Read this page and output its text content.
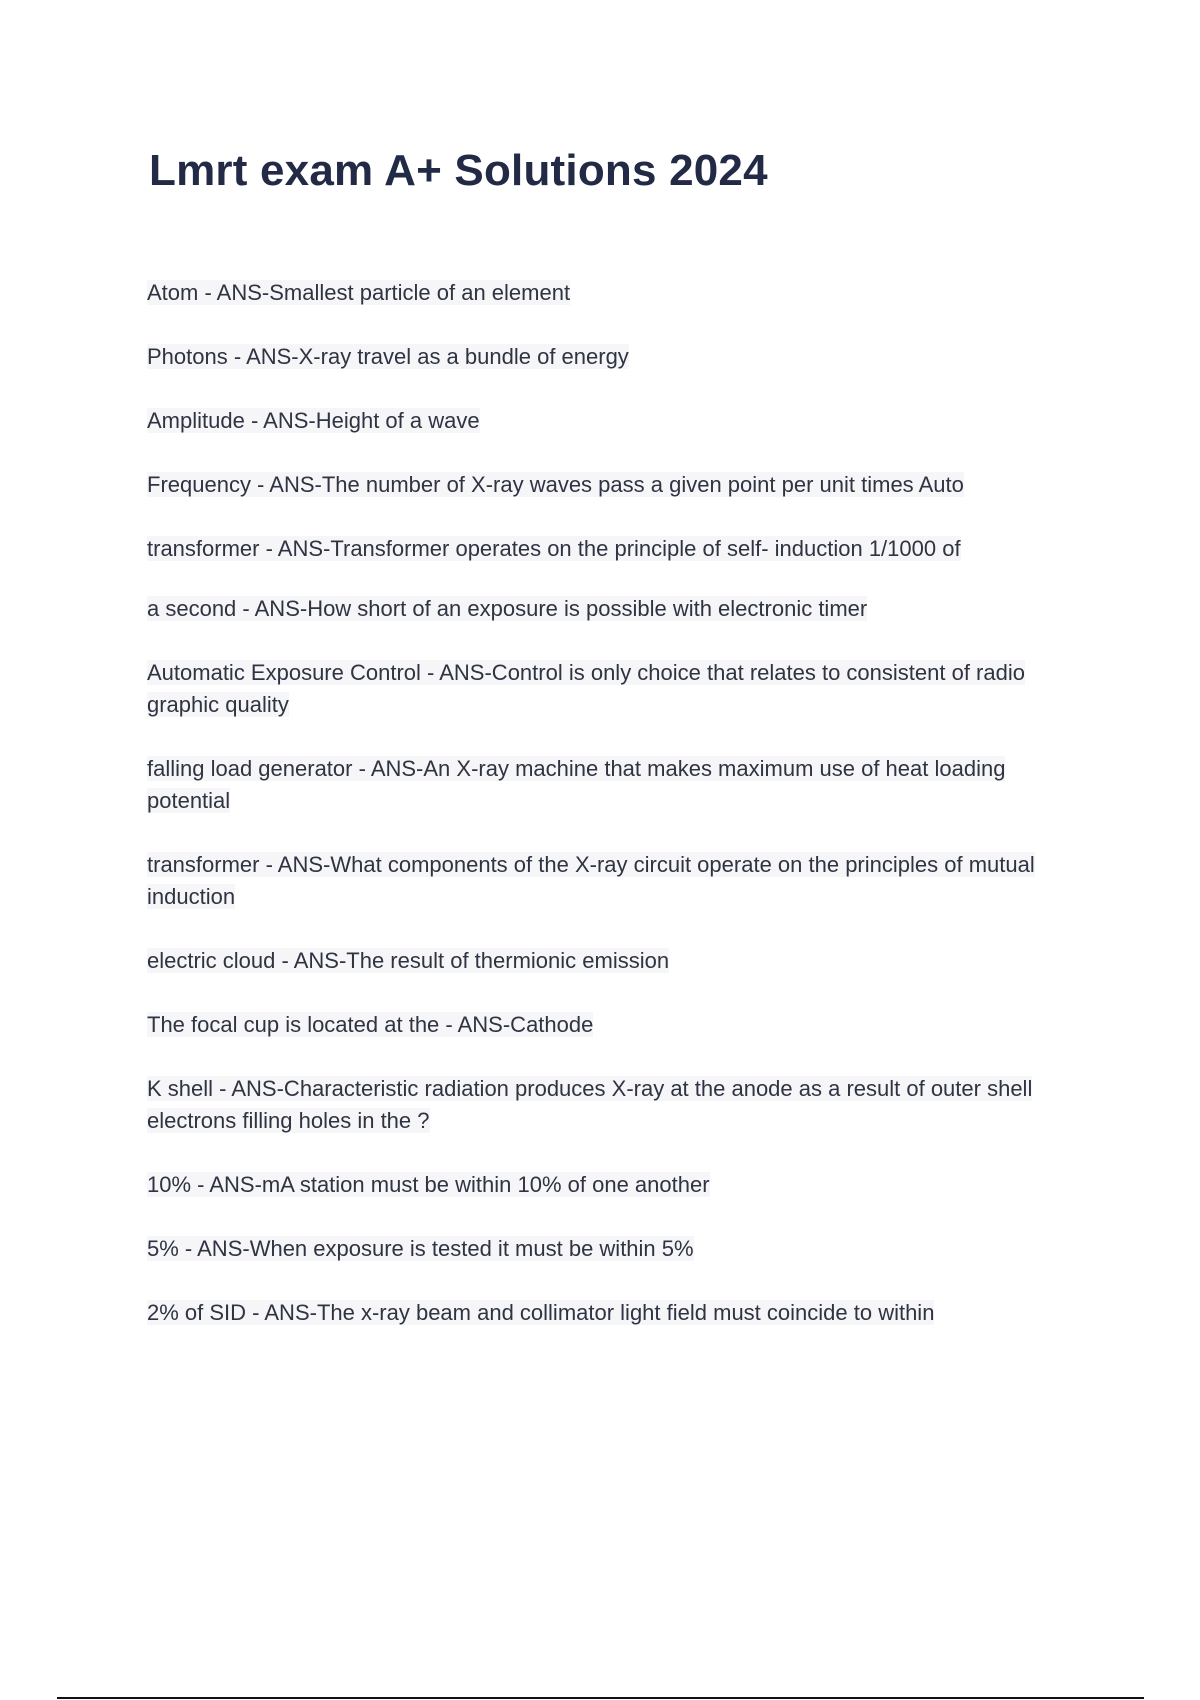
Lmrt exam A+ Solutions 2024

Atom - ANS-Smallest particle of an element

Photons - ANS-X-ray travel as a bundle of energy

Amplitude - ANS-Height of a wave

Frequency - ANS-The number of X-ray waves pass a given point per unit times Auto

transformer - ANS-Transformer operates on the principle of self- induction 1/1000 of

a second - ANS-How short of an exposure is possible with electronic timer

Automatic Exposure Control - ANS-Control is only choice that relates to consistent of radio graphic quality

falling load generator - ANS-An X-ray machine that makes maximum use of heat loading potential

transformer - ANS-What components of the X-ray circuit operate on the principles of mutual induction

electric cloud - ANS-The result of thermionic emission

The focal cup is located at the - ANS-Cathode

K shell - ANS-Characteristic radiation produces X-ray at the anode as a result of outer shell electrons filling holes in the ?

10% - ANS-mA station must be within 10% of one another

5% - ANS-When exposure is tested it must be within 5%

2% of SID - ANS-The x-ray beam and collimator light field must coincide to within
